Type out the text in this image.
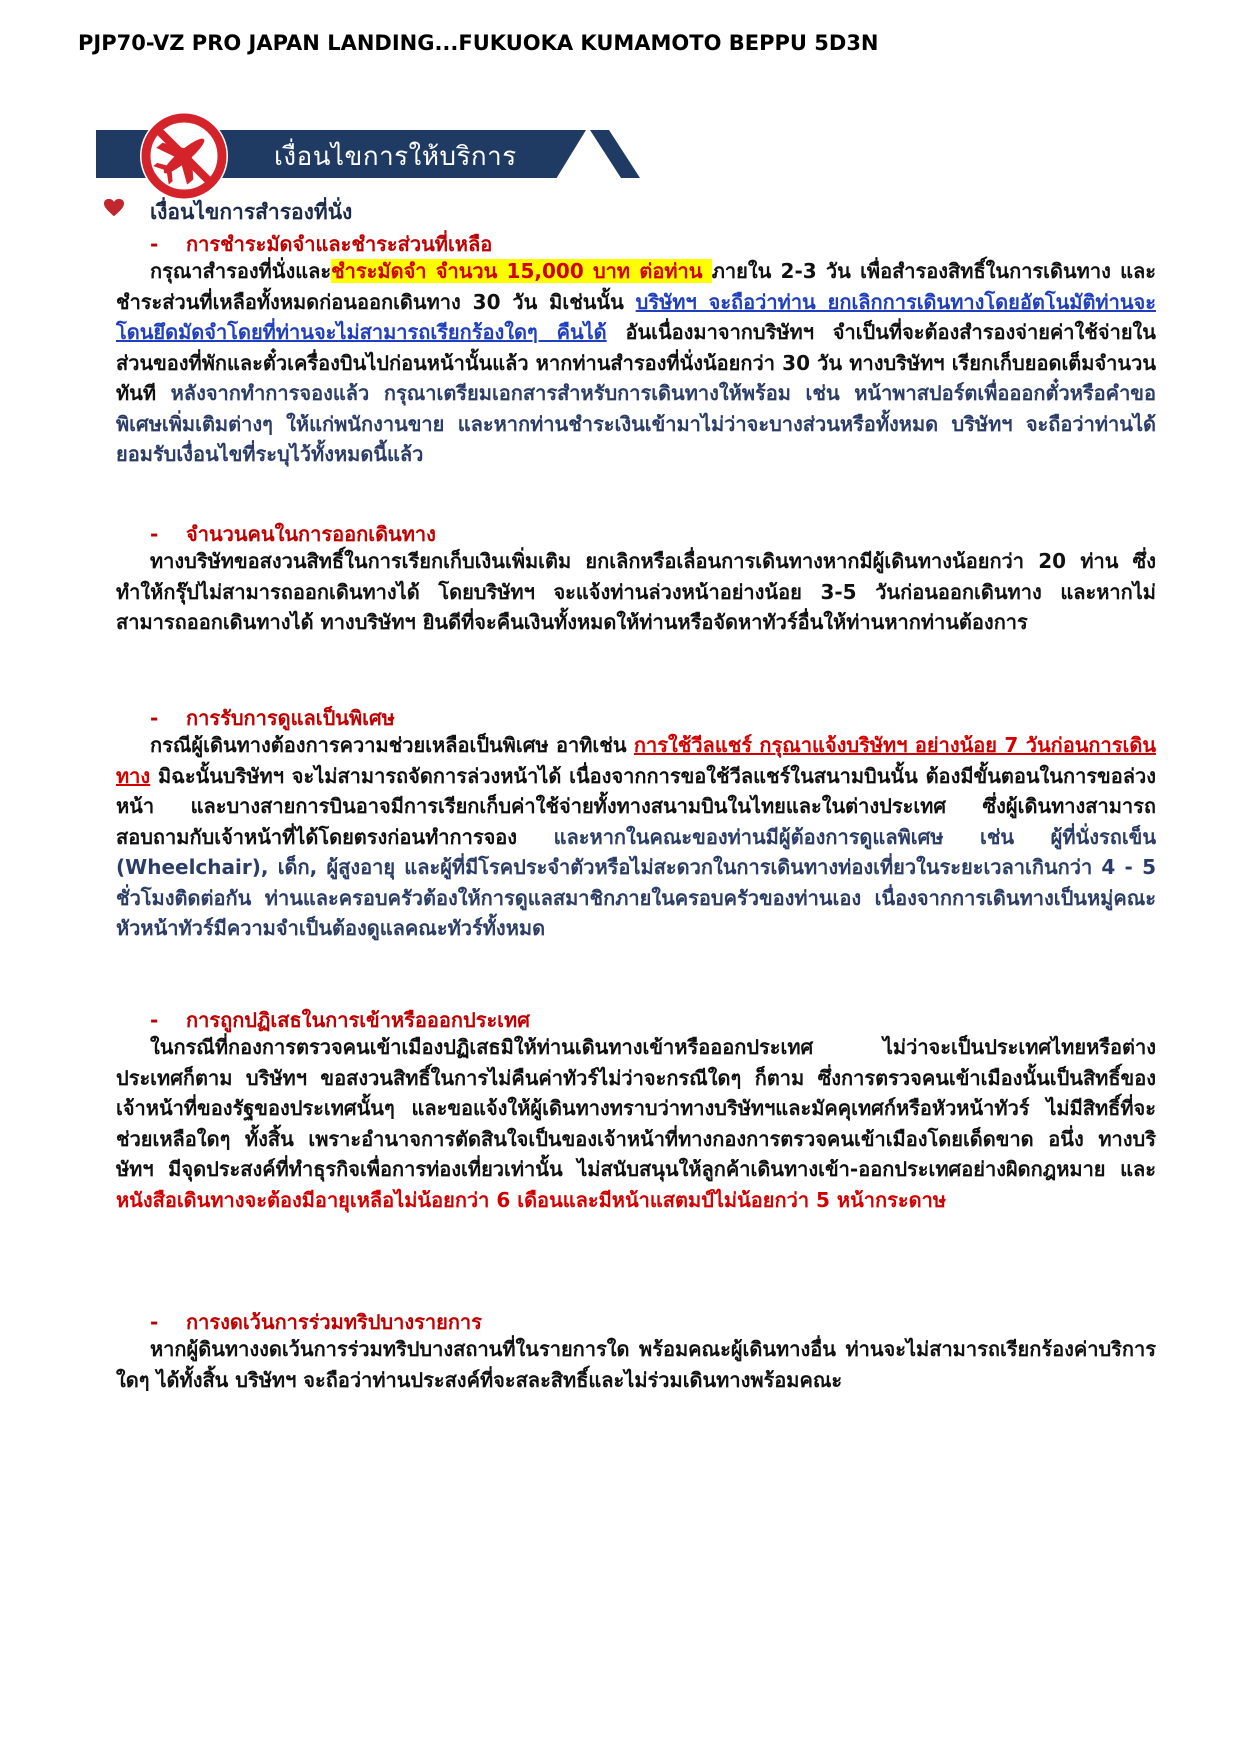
PJP70-VZ PRO JAPAN LANDING...FUKUOKA KUMAMOTO BEPPU 5D3N
เงื่อนไขการให้บริการ
เงื่อนไขการสำรองที่นั่ง
- การชำระมัดจำและชำระส่วนที่เหลือ

กรุณาสำรองที่นั่งและชำระมัดจำ จำนวน 15,000 บาท ต่อท่าน ภายใน 2-3 วัน เพื่อสำรองสิทธิ์ในการเดินทาง และชำระส่วนที่เหลือทั้งหมดก่อนออกเดินทาง 30 วัน มิเช่นนั้น บริษัทฯ จะถือว่าท่าน ยกเลิกการเดินทางโดยอัตโนมัติท่านจะโดนยึดมัดจำโดยที่ท่านจะไม่สามารถเรียกร้องใดๆ คืนได้ อันเนื่องมาจากบริษัทฯ จำเป็นที่จะต้องสำรองจ่ายค่าใช้จ่ายในส่วนของที่พักและตั๋วเครื่องบินไปก่อนหน้านั้นแล้ว หากท่านสำรองที่นั่งน้อยกว่า 30 วัน ทางบริษัทฯ เรียกเก็บยอดเต็มจำนวนทันที หลังจากทำการจองแล้ว กรุณาเตรียมเอกสารสำหรับการเดินทางให้พร้อม เช่น หน้าพาสปอร์ตเพื่อออกตั๋วหรือคำขอพิเศษเพิ่มเติมต่างๆ ให้แก่พนักงานขาย และหากท่านชำระเงินเข้ามาไม่ว่าจะบางส่วนหรือทั้งหมด บริษัทฯ จะถือว่าท่านได้ยอมรับเงื่อนไขที่ระบุไว้ทั้งหมดนี้แล้ว

- จำนวนคนในการออกเดินทาง

ทางบริษัทขอสงวนสิทธิ์ในการเรียกเก็บเงินเพิ่มเติม ยกเลิกหรือเลื่อนการเดินทางหากมีผู้เดินทางน้อยกว่า 20 ท่าน ซึ่งทำให้กรุ๊ปไม่สามารถออกเดินทางได้ โดยบริษัทฯ จะแจ้งท่านล่วงหน้าอย่างน้อย 3-5 วันก่อนออกเดินทาง และหากไม่สามารถออกเดินทางได้ ทางบริษัทฯ ยินดีที่จะคืนเงินทั้งหมดให้ท่านหรือจัดหาทัวร์อื่นให้ท่านหากท่านต้องการ

- การรับการดูแลเป็นพิเศษ

กรณีผู้เดินทางต้องการความช่วยเหลือเป็นพิเศษ อาทิเช่น การใช้วีลแชร์ กรุณาแจ้งบริษัทฯ อย่างน้อย 7 วันก่อนการเดินทาง มิฉะนั้นบริษัทฯ จะไม่สามารถจัดการล่วงหน้าได้ เนื่องจากการขอใช้วีลแชร์ในสนามบินนั้น ต้องมีขั้นตอนในการขอล่วงหน้า และบางสายการบินอาจมีการเรียกเก็บค่าใช้จ่ายทั้งทางสนามบินในไทยและในต่างประเทศ ซึ่งผู้เดินทางสามารถสอบถามกับเจ้าหน้าที่ได้โดยตรงก่อนทำการจอง และหากในคณะของท่านมีผู้ต้องการดูแลพิเศษ เช่น ผู้ที่นั่งรถเข็น (Wheelchair), เด็ก, ผู้สูงอายุ และผู้ที่มีโรคประจำตัวหรือไม่สะดวกในการเดินทางท่องเที่ยวในระยะเวลาเกินกว่า 4 - 5 ชั่วโมงติดต่อกัน ท่านและครอบครัวต้องให้การดูแลสมาชิกภายในครอบครัวของท่านเอง เนื่องจากการเดินทางเป็นหมู่คณะ หัวหน้าทัวร์มีความจำเป็นต้องดูแลคณะทัวร์ทั้งหมด

- การถูกปฏิเสธในการเข้าหรือออกประเทศ

ในกรณีที่กองการตรวจคนเข้าเมืองปฏิเสธมิให้ท่านเดินทางเข้าหรือออกประเทศ ไม่ว่าจะเป็นประเทศไทยหรือต่างประเทศก็ตาม บริษัทฯ ขอสงวนสิทธิ์ในการไม่คืนค่าทัวร์ไม่ว่าจะกรณีใดๆ ก็ตาม ซึ่งการตรวจคนเข้าเมืองนั้นเป็นสิทธิ์ของเจ้าหน้าที่ของรัฐของประเทศนั้นๆ และขอแจ้งให้ผู้เดินทางทราบว่าทางบริษัทฯและมัคคุเทศก์หรือหัวหน้าทัวร์ ไม่มีสิทธิ์ที่จะช่วยเหลือใดๆ ทั้งสิ้น เพราะอำนาจการตัดสินใจเป็นของเจ้าหน้าที่ทางกองการตรวจคนเข้าเมืองโดยเด็ดขาด อนึ่ง ทางบริษัทฯ มีจุดประสงค์ที่ทำธุรกิจเพื่อการท่องเที่ยวเท่านั้น ไม่สนับสนุนให้ลูกค้าเดินทางเข้า-ออกประเทศอย่างผิดกฎหมาย และหนังสือเดินทางจะต้องมีอายุเหลือไม่น้อยกว่า 6 เดือนและมีหน้าแสตมป์ไม่น้อยกว่า 5 หน้ากระดาษ

- การงดเว้นการร่วมทริปบางรายการ

หากผู้ดินทางงดเว้นการร่วมทริปบางสถานที่ในรายการใด พร้อมคณะผู้เดินทางอื่น ท่านจะไม่สามารถเรียกร้องค่าบริการใดๆ ได้ทั้งสิ้น บริษัทฯ จะถือว่าท่านประสงค์ที่จะสละสิทธิ์และไม่ร่วมเดินทางพร้อมคณะ
